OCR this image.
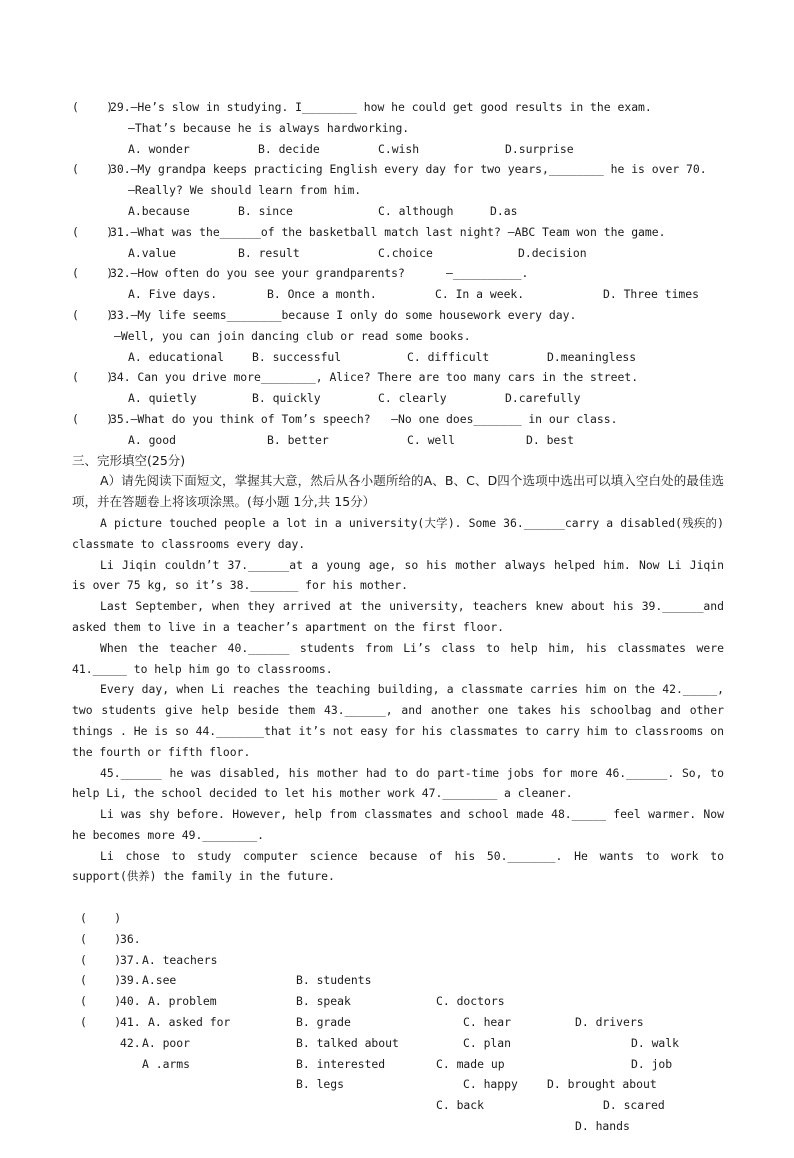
(    )29.—He’s slow in studying. I________ how he could get good results in the exam.
—That’s because he is always hardworking.

A. wonder

	B. decide

	C.wish

	D.surprise

(    )30.—My grandpa keeps practicing English every day for two years,________ he is over 70.
—Really? We should learn from him.

A.because

	B. since

	C. although

	D.as

(    )31.—What was the______of the basketball match last night? —ABC Team won the game.

A.value

	B. result

	C.choice

	D.decision

(    )32.—How often do you see your grandparents?      —__________.

A. Five days.

	B. Once a month.

	C. In a week.

	D. Three times

(    )33.—My life seems________because I only do some housework every day.
—Well, you can join dancing club or read some books.

A. educational

B. successful

	C. difficult

	D.meaningless

(    )34. Can you drive more________, Alice? There are too many cars in the street.

A. quietly

	B. quickly

	C. clearly

	D.carefully

(    )35.—What do you think of Tom’s speech?   —No one does_______ in our class.

A. good

	B. better

	C. well

	D. best

三、完形填空(25分)
A）请先阅读下面短文，掌握其大意，然后从各小题所给的A、B、C、D四个选项中选出可以填入空白处的最佳选项，并在答题卷上将该项涂黑。(每小题 1分,共 15分）
A picture touched people a lot in a university(大学). Some 36.______carry a disabled(残疾的) classmate to classrooms every day.
Li Jiqin couldn’t 37.______at a young age, so his mother always helped him. Now Li Jiqin is over 75 kg, so it’s 38._______ for his mother.
Last September, when they arrived at the university, teachers knew about his 39.______and asked them to live in a teacher’s apartment on the first floor.
When the teacher 40.______ students from Li’s class to help him, his classmates were 41._____ to help him go to classrooms.
Every day, when Li reaches the teaching building, a classmate carries him on the 42._____, two students give help beside them 43.______, and another one takes his schoolbag and other things . He is so 44._______that it’s not easy for his classmates to carry him to classrooms on the fourth or fifth floor.
45.______ he was disabled, his mother had to do part-time jobs for more 46.______. So, to help Li, the school decided to let his mother work 47.________ a cleaner.
Li was shy before. However, help from classmates and school made 48._____ feel warmer. Now he becomes more 49.________.
Li chose to study computer science because of his 50._______. He wants to work to support(供养) the family in the future.

(    )

36.

A. teachers

B. students

C. doctors

D. drivers

(    )

37.

A.see

B. speak

C. hear

D. walk

(    )

39.

A. problem

B. grade

C. plan

D. job

(    )

40.

A. asked for

B. talked about

C. made up

D. brought about

(    )

41.

A. poor

B. interested

C. happy

D. scared

(    )

42.

A .arms

B. legs

C. back

D. hands
